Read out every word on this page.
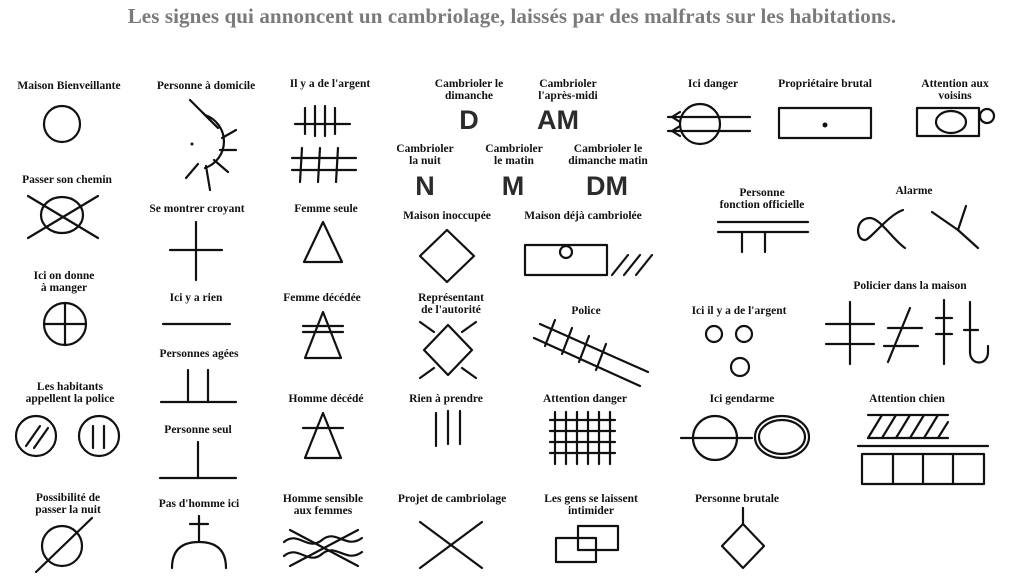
Les signes qui annoncent un cambriolage, laissés par des malfrats sur les habitations.
Maison Bienveillante	Personne à domicile	Il y a de l'argent	Cambrioler le
dimanche
Cambrioler
l'après-midi
Ici danger	Propriétaire brutal	Attention aux voisins
Cambrioler
la nuit
Cambrioler
le matin
Cambrioler le
dimanche matin
Passer son chemin
Se montrer croyant	Femme seule
Maison inoccupée	Maison déjà cambriolée
Personne
fonction officielle
Alarme
Ici on donne
à manger
Ici y a rien	Femme décédée	Représentant
de l'autorité	Police	Ici il y a de l'argent
Policier dans la maison
Personnes agées
Les habitants
appellent la police	Homme décédé	Rien à prendre	Attention danger	Ici gendarme	Attention chien
Personne seul
Possibilité de
passer la nuit	Pas d'homme ici	Homme sensible
aux femmes
Projet de cambriolage	Les gens se laissent
intimider
Personne brutale
D AM
N M DM
